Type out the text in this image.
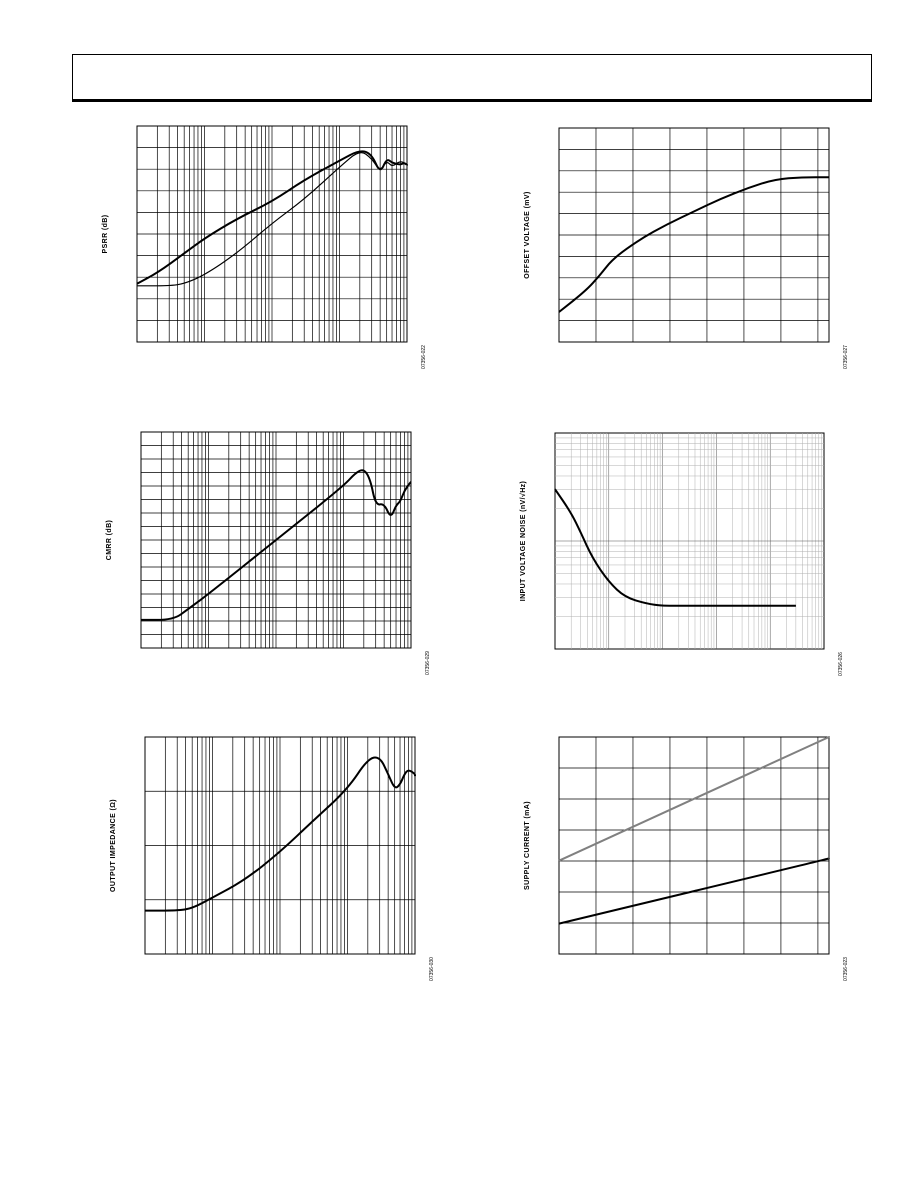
PSRR (dB)
07356-022
OFFSET VOLTAGE (mV)
07356-027
CMRR (dB)
07356-029
INPUT VOLTAGE NOISE (nV/√Hz)
07356-026
OUTPUT IMPEDANCE (Ω)
07356-030
SUPPLY CURRENT (mA)
07356-023
